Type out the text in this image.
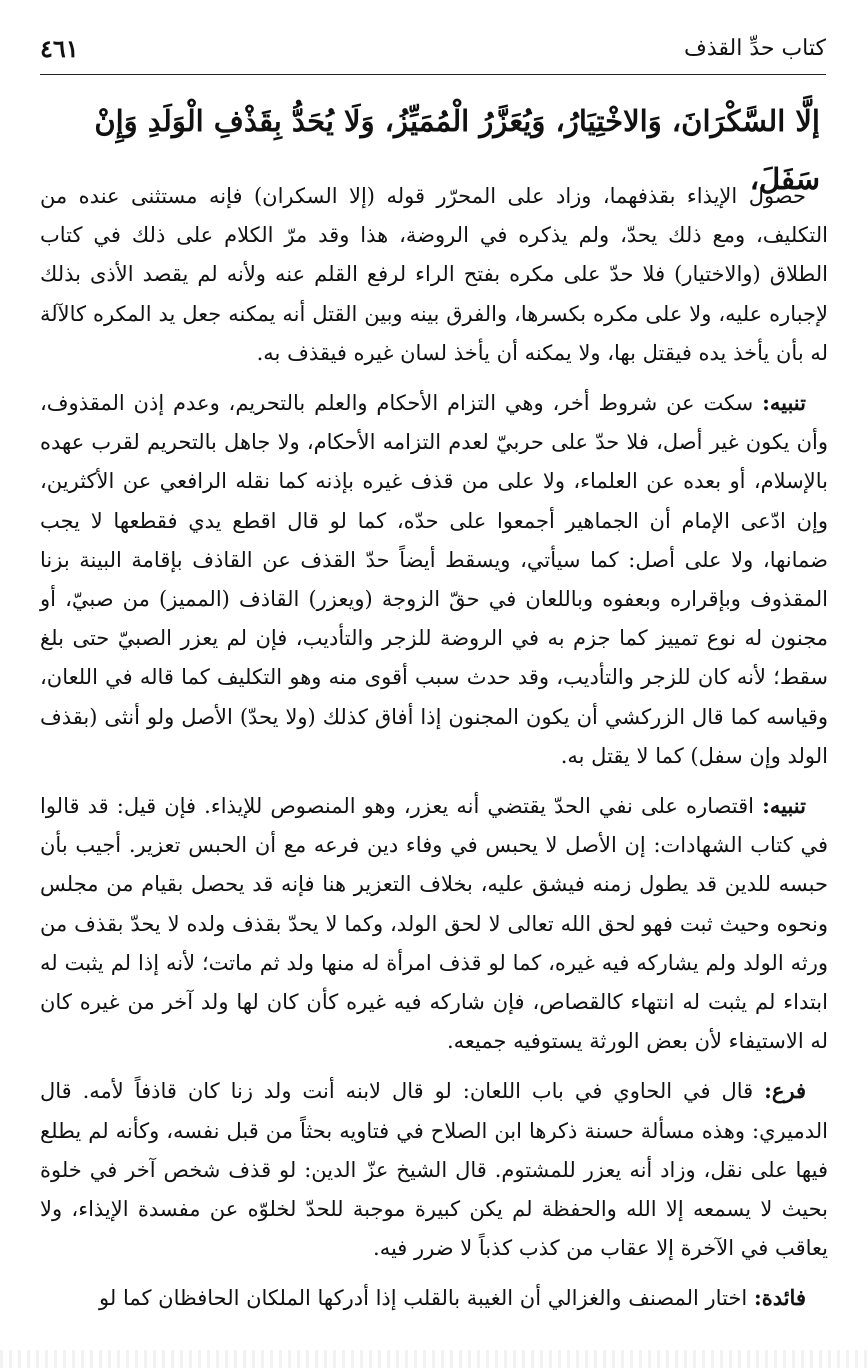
كتاب حدِّ القذف
٤٦١
إلَّا السَّكْرَانَ، وَالاخْتِيَارُ، وَيُعَزَّرُ الْمُمَيِّزُ، وَلَا يُحَدُّ بِقَذْفِ الْوَلَدِ وَإِنْ سَفَلَ،

حصول الإيذاء بقذفهما، وزاد على المحرّر قوله (إلا السكران) فإنه مستثنى عنده من التكليف، ومع ذلك يحدّ، ولم يذكره في الروضة، هذا وقد مرّ الكلام على ذلك في كتاب الطلاق (والاختيار) فلا حدّ على مكره بفتح الراء لرفع القلم عنه ولأنه لم يقصد الأذى بذلك لإجباره عليه، ولا على مكره بكسرها، والفرق بينه وبين القتل أنه يمكنه جعل يد المكره كالآلة له بأن يأخذ يده فيقتل بها، ولا يمكنه أن يأخذ لسان غيره فيقذف به.

تنبيه: سكت عن شروط أخر، وهي التزام الأحكام والعلم بالتحريم، وعدم إذن المقذوف، وأن يكون غير أصل، فلا حدّ على حربيّ لعدم التزامه الأحكام، ولا جاهل بالتحريم لقرب عهده بالإسلام، أو بعده عن العلماء، ولا على من قذف غيره بإذنه كما نقله الرافعي عن الأكثرين، وإن ادّعى الإمام أن الجماهير أجمعوا على حدّه، كما لو قال اقطع يدي فقطعها لا يجب ضمانها، ولا على أصل: كما سيأتي، ويسقط أيضاً حدّ القذف عن القاذف بإقامة البينة بزنا المقذوف وبإقراره وبعفوه وباللعان في حقّ الزوجة (ويعزر) القاذف (المميز) من صبيّ، أو مجنون له نوع تمييز كما جزم به في الروضة للزجر والتأديب، فإن لم يعزر الصبيّ حتى بلغ سقط؛ لأنه كان للزجر والتأديب، وقد حدث سبب أقوى منه وهو التكليف كما قاله في اللعان، وقياسه كما قال الزركشي أن يكون المجنون إذا أفاق كذلك (ولا يحدّ) الأصل ولو أنثى (بقذف الولد وإن سفل) كما لا يقتل به.

تنبيه: اقتصاره على نفي الحدّ يقتضي أنه يعزر، وهو المنصوص للإيذاء. فإن قيل: قد قالوا في كتاب الشهادات: إن الأصل لا يحبس في وفاء دين فرعه مع أن الحبس تعزير. أجيب بأن حبسه للدين قد يطول زمنه فيشق عليه، بخلاف التعزير هنا فإنه قد يحصل بقيام من مجلس ونحوه وحيث ثبت فهو لحق الله تعالى لا لحق الولد، وكما لا يحدّ بقذف ولده لا يحدّ بقذف من ورثه الولد ولم يشاركه فيه غيره، كما لو قذف امرأة له منها ولد ثم ماتت؛ لأنه إذا لم يثبت له ابتداء لم يثبت له انتهاء كالقصاص، فإن شاركه فيه غيره كأن كان لها ولد آخر من غيره كان له الاستيفاء لأن بعض الورثة يستوفيه جميعه.

فرع: قال في الحاوي في باب اللعان: لو قال لابنه أنت ولد زنا كان قاذفاً لأمه. قال الدميري: وهذه مسألة حسنة ذكرها ابن الصلاح في فتاويه بحثاً من قبل نفسه، وكأنه لم يطلع فيها على نقل، وزاد أنه يعزر للمشتوم. قال الشيخ عزّ الدين: لو قذف شخص آخر في خلوة بحيث لا يسمعه إلا الله والحفظة لم يكن كبيرة موجبة للحدّ لخلوّه عن مفسدة الإيذاء، ولا يعاقب في الآخرة إلا عقاب من كذب كذباً لا ضرر فيه.

فائدة: اختار المصنف والغزالي أن الغيبة بالقلب إذا أدركها الملكان الحافظان كما لو
